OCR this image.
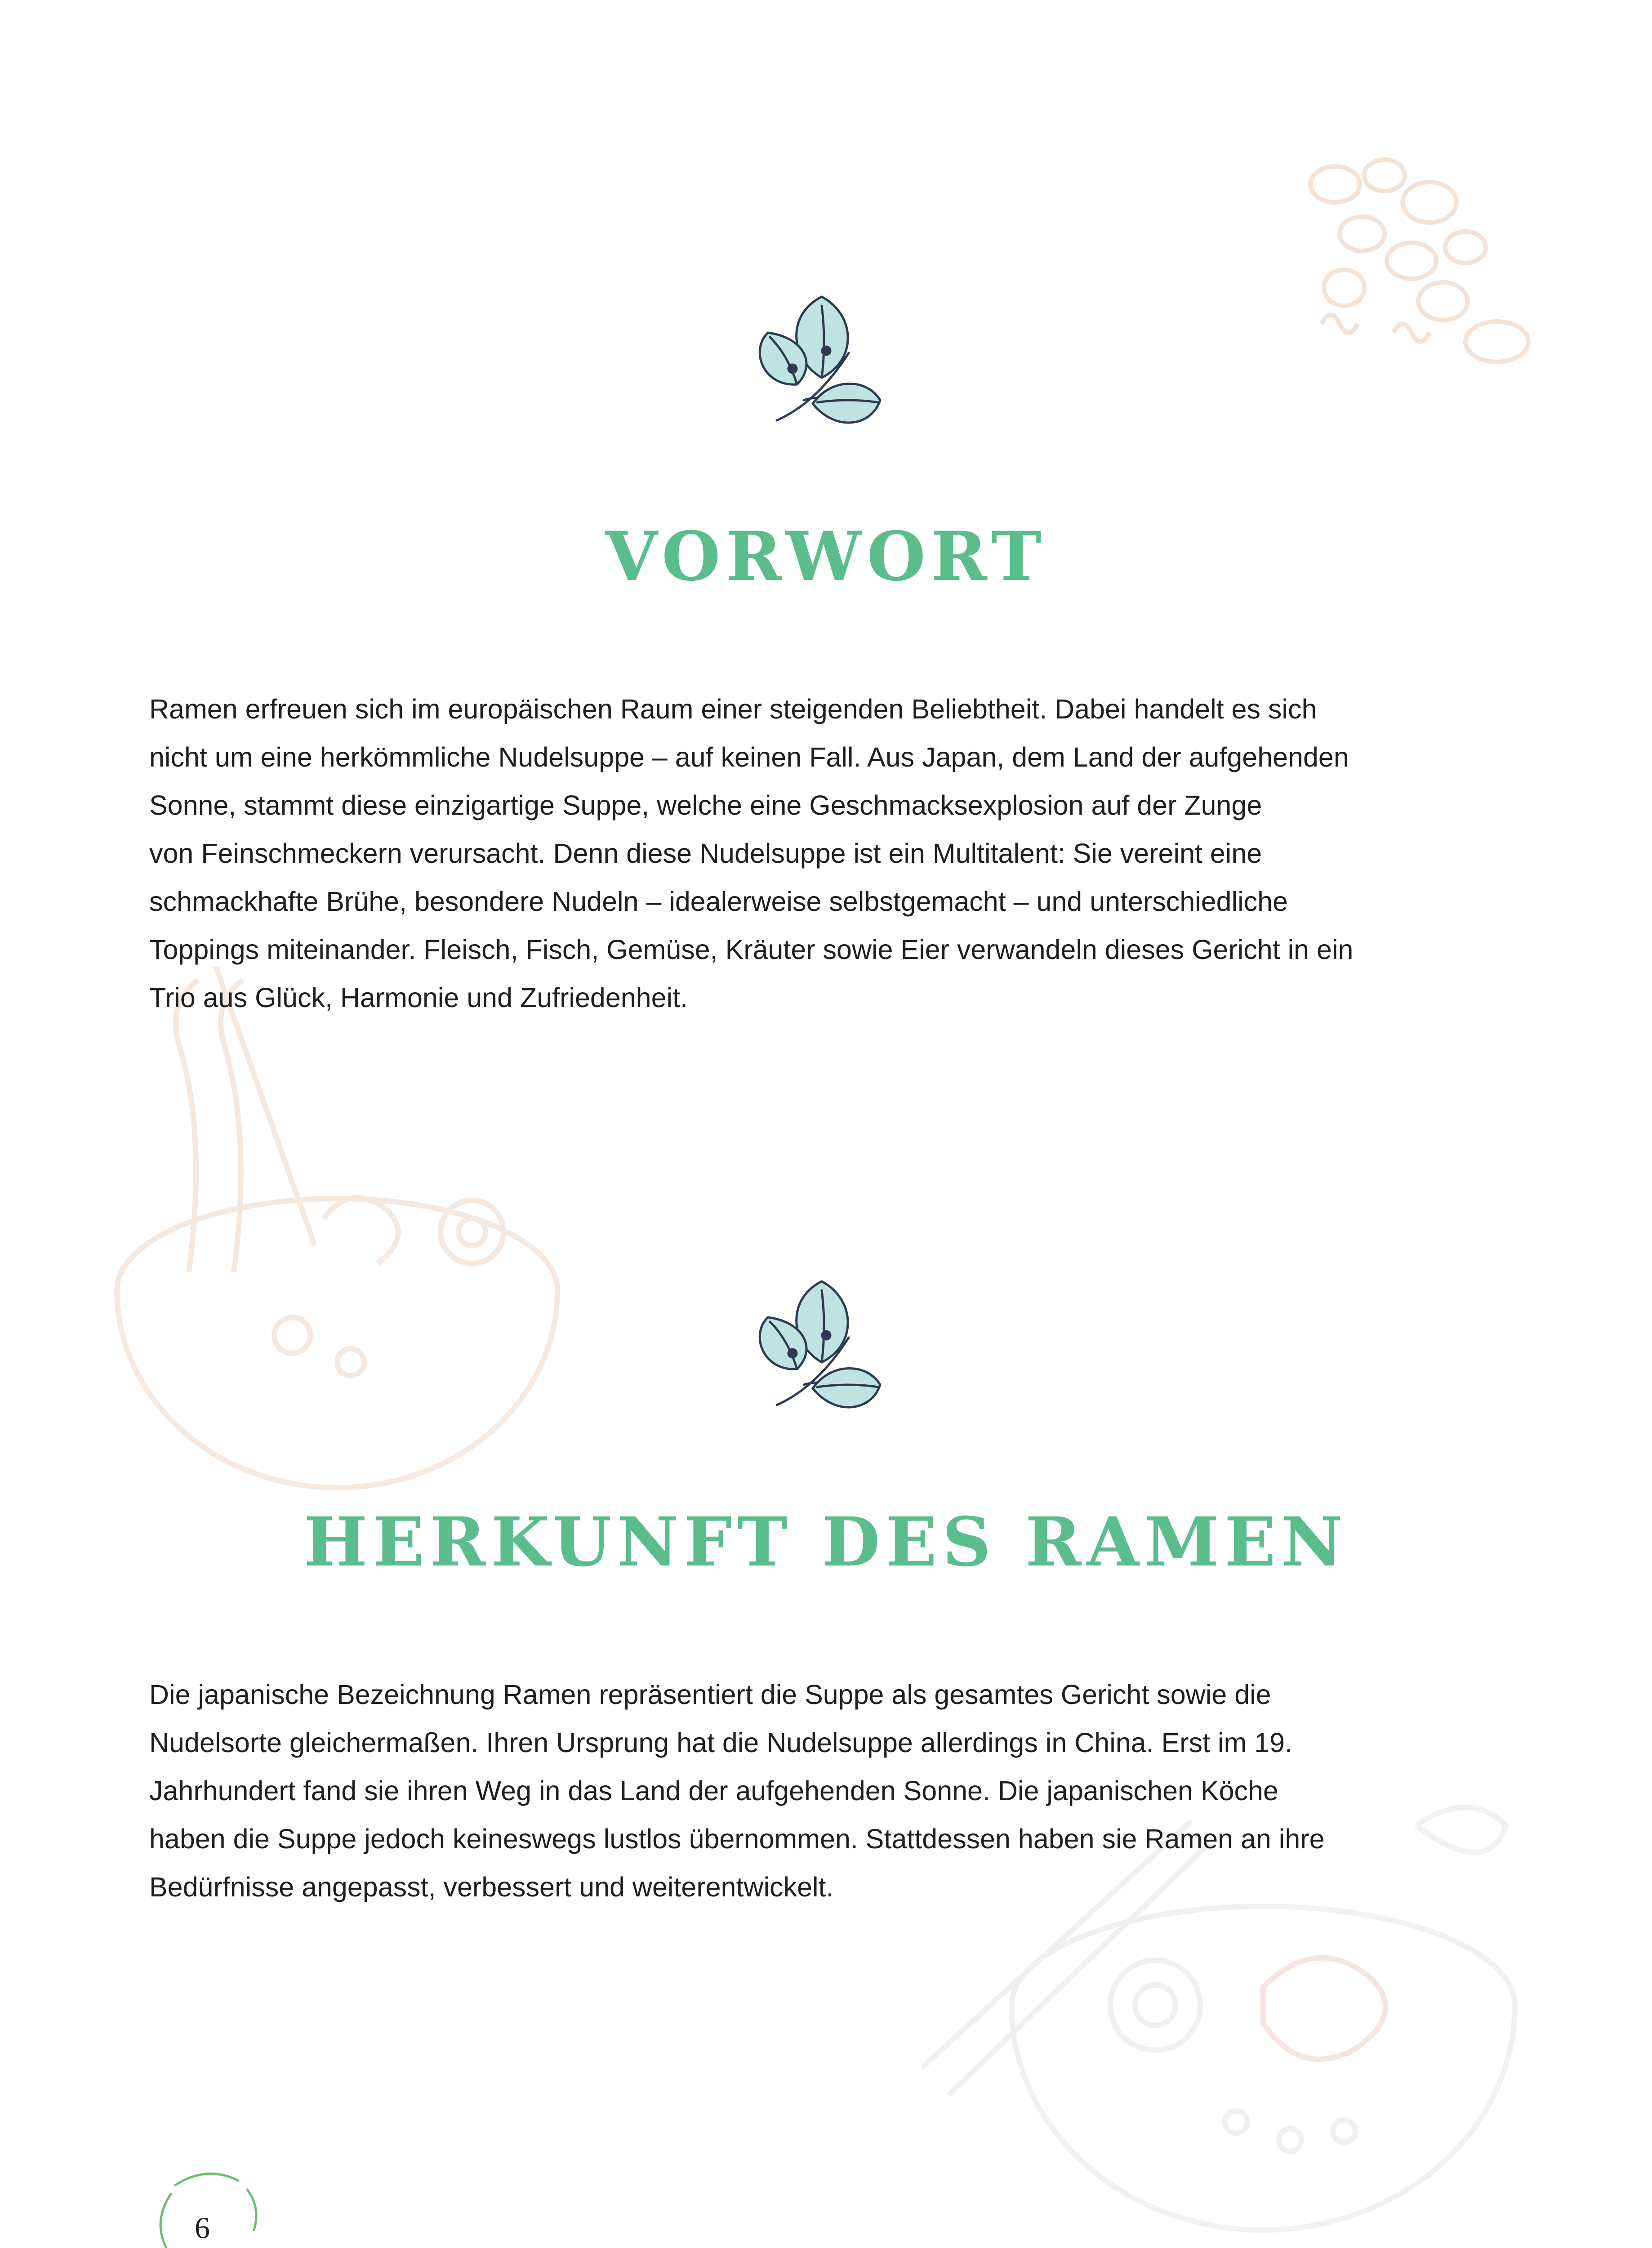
VORWORT

Ramen erfreuen sich im europäischen Raum einer steigenden Beliebtheit. Dabei handelt es sich
nicht um eine herkömmliche Nudelsuppe – auf keinen Fall. Aus Japan, dem Land der aufgehenden
Sonne, stammt diese einzigartige Suppe, welche eine Geschmacksexplosion auf der Zunge
von Feinschmeckern verursacht. Denn diese Nudelsuppe ist ein Multitalent: Sie vereint eine
schmackhafte Brühe, besondere Nudeln – idealerweise selbstgemacht – und unterschiedliche
Toppings miteinander. Fleisch, Fisch, Gemüse, Kräuter sowie Eier verwandeln dieses Gericht in ein
Trio aus Glück, Harmonie und Zufriedenheit.

HERKUNFT DES RAMEN

Die japanische Bezeichnung Ramen repräsentiert die Suppe als gesamtes Gericht sowie die
Nudelsorte gleichermaßen. Ihren Ursprung hat die Nudelsuppe allerdings in China. Erst im 19.
Jahrhundert fand sie ihren Weg in das Land der aufgehenden Sonne. Die japanischen Köche
haben die Suppe jedoch keineswegs lustlos übernommen. Stattdessen haben sie Ramen an ihre
Bedürfnisse angepasst, verbessert und weiterentwickelt.

6
